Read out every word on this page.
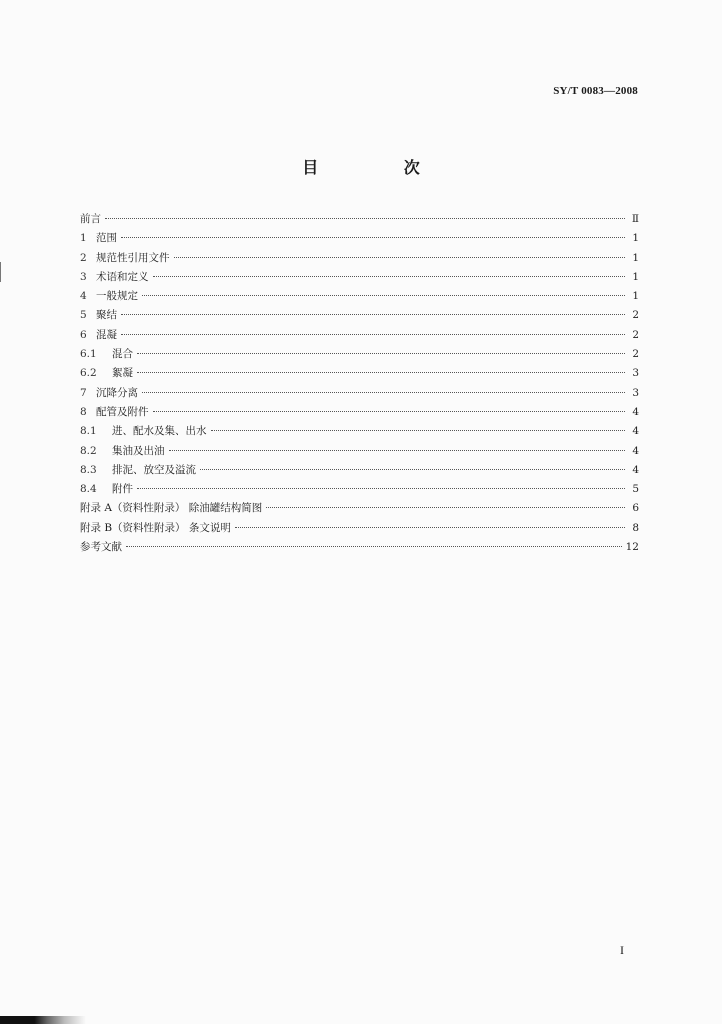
SY/T 0083—2008
目 次
前言	Ⅱ
1 范围	1
2 规范性引用文件	1
3 术语和定义	1
4 一般规定	1
5 聚结	2
6 混凝	2
6.1	混合	2
6.2	絮凝	3
7 沉降分离	3
8 配管及附件	4
8.1	进、配水及集、出水	4
8.2	集油及出油	4
8.3	排泥、放空及溢流	4
8.4	附件	5
附录 A（资料性附录） 除油罐结构简图	6
附录 B（资料性附录） 条文说明	8
参考文献	12
I
